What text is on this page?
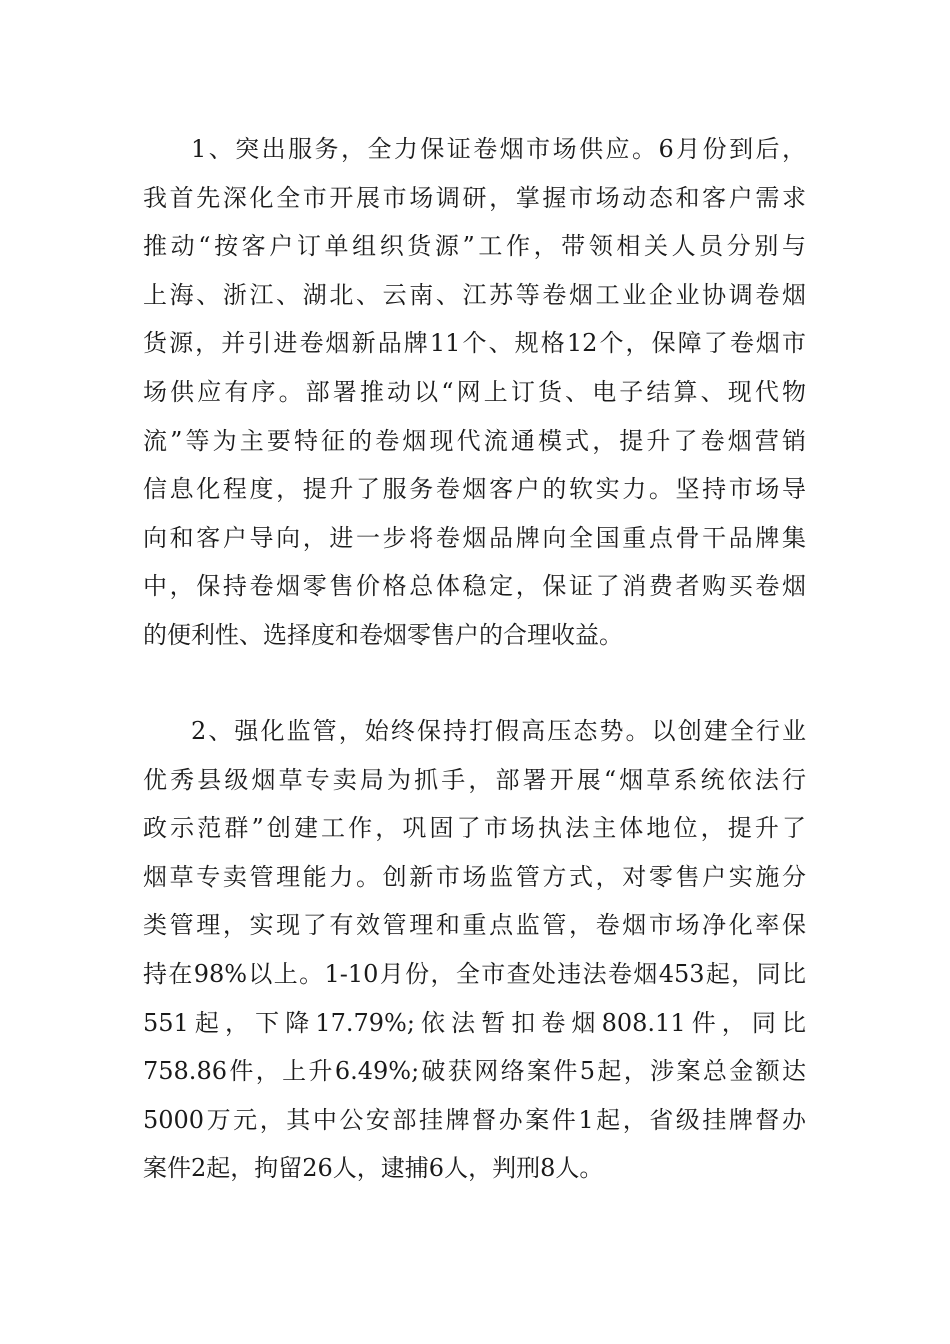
1、突出服务，全力保证卷烟市场供应。6月份到后，
我首先深化全市开展市场调研，掌握市场动态和客户需求
推动“按客户订单组织货源”工作，带领相关人员分别与
上海、浙江、湖北、云南、江苏等卷烟工业企业协调卷烟
货源，并引进卷烟新品牌11个、规格12个，保障了卷烟市
场供应有序。部署推动以“网上订货、电子结算、现代物
流”等为主要特征的卷烟现代流通模式，提升了卷烟营销
信息化程度，提升了服务卷烟客户的软实力。坚持市场导
向和客户导向，进一步将卷烟品牌向全国重点骨干品牌集
中，保持卷烟零售价格总体稳定，保证了消费者购买卷烟
的便利性、选择度和卷烟零售户的合理收益。
2、强化监管，始终保持打假高压态势。以创建全行业
优秀县级烟草专卖局为抓手，部署开展“烟草系统依法行
政示范群”创建工作，巩固了市场执法主体地位，提升了
烟草专卖管理能力。创新市场监管方式，对零售户实施分
类管理，实现了有效管理和重点监管，卷烟市场净化率保
持在98%以上。1-10月份，全市查处违法卷烟453起，同比
551起，下降17.79%;依法暂扣卷烟808.11件，同比
758.86件，上升6.49%;破获网络案件5起，涉案总金额达
5000万元，其中公安部挂牌督办案件1起，省级挂牌督办
案件2起，拘留26人，逮捕6人，判刑8人。
